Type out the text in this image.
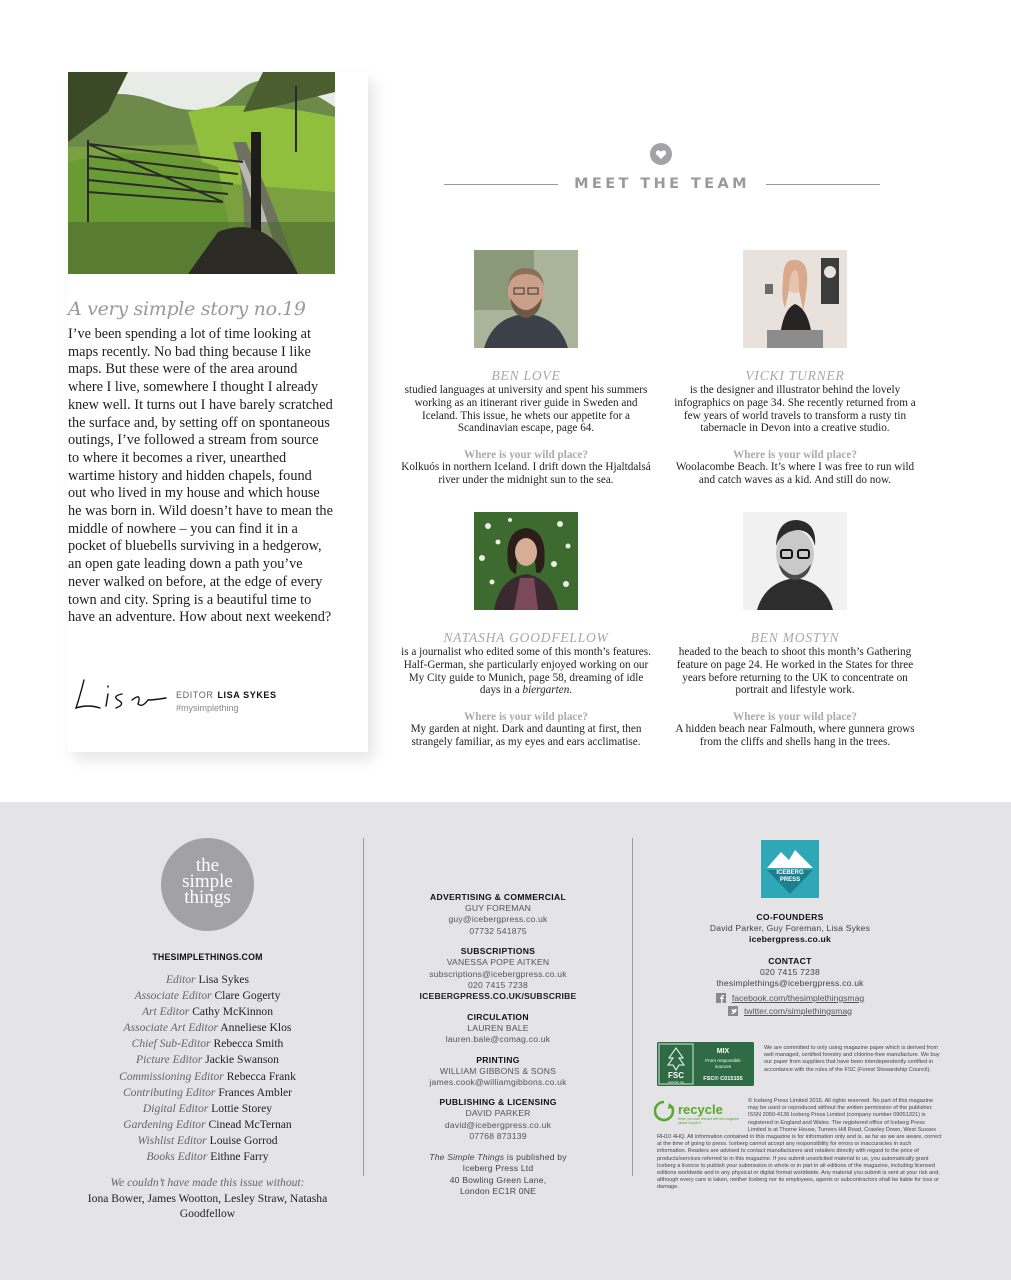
A very simple story no.19

I’ve been spending a lot of time looking at maps recently. No bad thing because I like maps. But these were of the area around where I live, somewhere I thought I already knew well. It turns out I have barely scratched the surface and, by setting off on spontaneous outings, I’ve followed a stream from source to where it becomes a river, unearthed wartime history and hidden chapels, found out who lived in my house and which house he was born in. Wild doesn’t have to mean the middle of nowhere – you can find it in a pocket of bluebells surviving in a hedgerow, an open gate leading down a path you’ve never walked on before, at the edge of every town and city. Spring is a beautiful time to have an adventure. How about next weekend?

EDITOR LISA SYKES
#mysimplething
MEET THE TEAM
BEN LOVE
studied languages at university and spent his summers working as an itinerant river guide in Sweden and Iceland. This issue, he whets our appetite for a Scandinavian escape, page 64.
Where is your wild place?
Kolkuós in northern Iceland. I drift down the Hjaltdalsá river under the midnight sun to the sea.
VICKI TURNER
is the designer and illustrator behind the lovely infographics on page 34. She recently returned from a few years of world travels to transform a rusty tin tabernacle in Devon into a creative studio.
Where is your wild place?
Woolacombe Beach. It’s where I was free to run wild and catch waves as a kid. And still do now.
NATASHA GOODFELLOW
is a journalist who edited some of this month’s features. Half-German, she particularly enjoyed working on our My City guide to Munich, page 58, dreaming of idle days in a biergarten.
Where is your wild place?
My garden at night. Dark and daunting at first, then strangely familiar, as my eyes and ears acclimatise.
BEN MOSTYN
headed to the beach to shoot this month’s Gathering feature on page 24. He worked in the States for three years before returning to the UK to concentrate on portrait and lifestyle work.
Where is your wild place?
A hidden beach near Falmouth, where gunnera grows from the cliffs and shells hang in the trees.
the
simple
things
THESIMPLETHINGS.COM
Editor Lisa Sykes
Associate Editor Clare Gogerty
Art Editor Cathy McKinnon
Associate Art Editor Anneliese Klos
Chief Sub-Editor Rebecca Smith
Picture Editor Jackie Swanson
Commissioning Editor Rebecca Frank
Contributing Editor Frances Ambler
Digital Editor Lottie Storey
Gardening Editor Cinead McTernan
Wishlist Editor Louise Gorrod
Books Editor Eithne Farry
We couldn’t have made this issue without:
Iona Bower, James Wootton, Lesley Straw, Natasha Goodfellow
ADVERTISING & COMMERCIAL
GUY FOREMAN
guy@icebergpress.co.uk
07732 541875
SUBSCRIPTIONS
VANESSA POPE AITKEN
subscriptions@icebergpress.co.uk
020 7415 7238
ICEBERGPRESS.CO.UK/SUBSCRIBE
CIRCULATION
LAUREN BALE
lauren.bale@comag.co.uk
PRINTING
WILLIAM GIBBONS & SONS
james.cook@williamgibbons.co.uk
PUBLISHING & LICENSING
DAVID PARKER
david@icebergpress.co.uk
07768 873139
The Simple Things is published by
Iceberg Press Ltd
40 Bowling Green Lane,
London EC1R 0NE
ICEBERG
PRESS
CO-FOUNDERS
David Parker, Guy Foreman, Lisa Sykes
icebergpress.co.uk
CONTACT
020 7415 7238
thesimplethings@icebergpress.co.uk
facebook.com/thesimplethingsmag
twitter.com/simplethingsmag
FSC
www.fsc.org
MIX
From responsible
sources
FSC® C015155
We are committed to only using magazine paper which is derived from well managed, certified forestry and chlorine-free manufacture. We buy our paper from suppliers that have been interdependently certified in accordance with the rules of the FSC (Forest Stewardship Council).
recycle
When you have finished with this magazine please recycle it.
© Iceberg Press Limited 2016. All rights reserved. No part of this magazine may be used or reproduced without the written permission of the publisher. ISSN 2050-4136 Iceberg Press Limited (company number 09051321) is registered in England and Wales. The registered office of Iceberg Press Limited is at Thorne House, Turners Hill Road, Crawley Down, West Sussex RH10 4HQ. All information contained in this magazine is for information only and is, as far as we are aware, correct at the time of going to press. Iceberg cannot accept any responsibility for errors or inaccuracies in such information. Readers are advised to contact manufacturers and retailers directly with regard to the price of products/services referred to in this magazine. If you submit unsolicited material to us, you automatically grant Iceberg a licence to publish your submission in whole or in part in all editions of the magazine, including licensed editions worldwide and in any physical or digital format worldwide. Any material you submit is sent at your risk and, although every care is taken, neither Iceberg nor its employees, agents or subcontractors shall be liable for loss or damage.
